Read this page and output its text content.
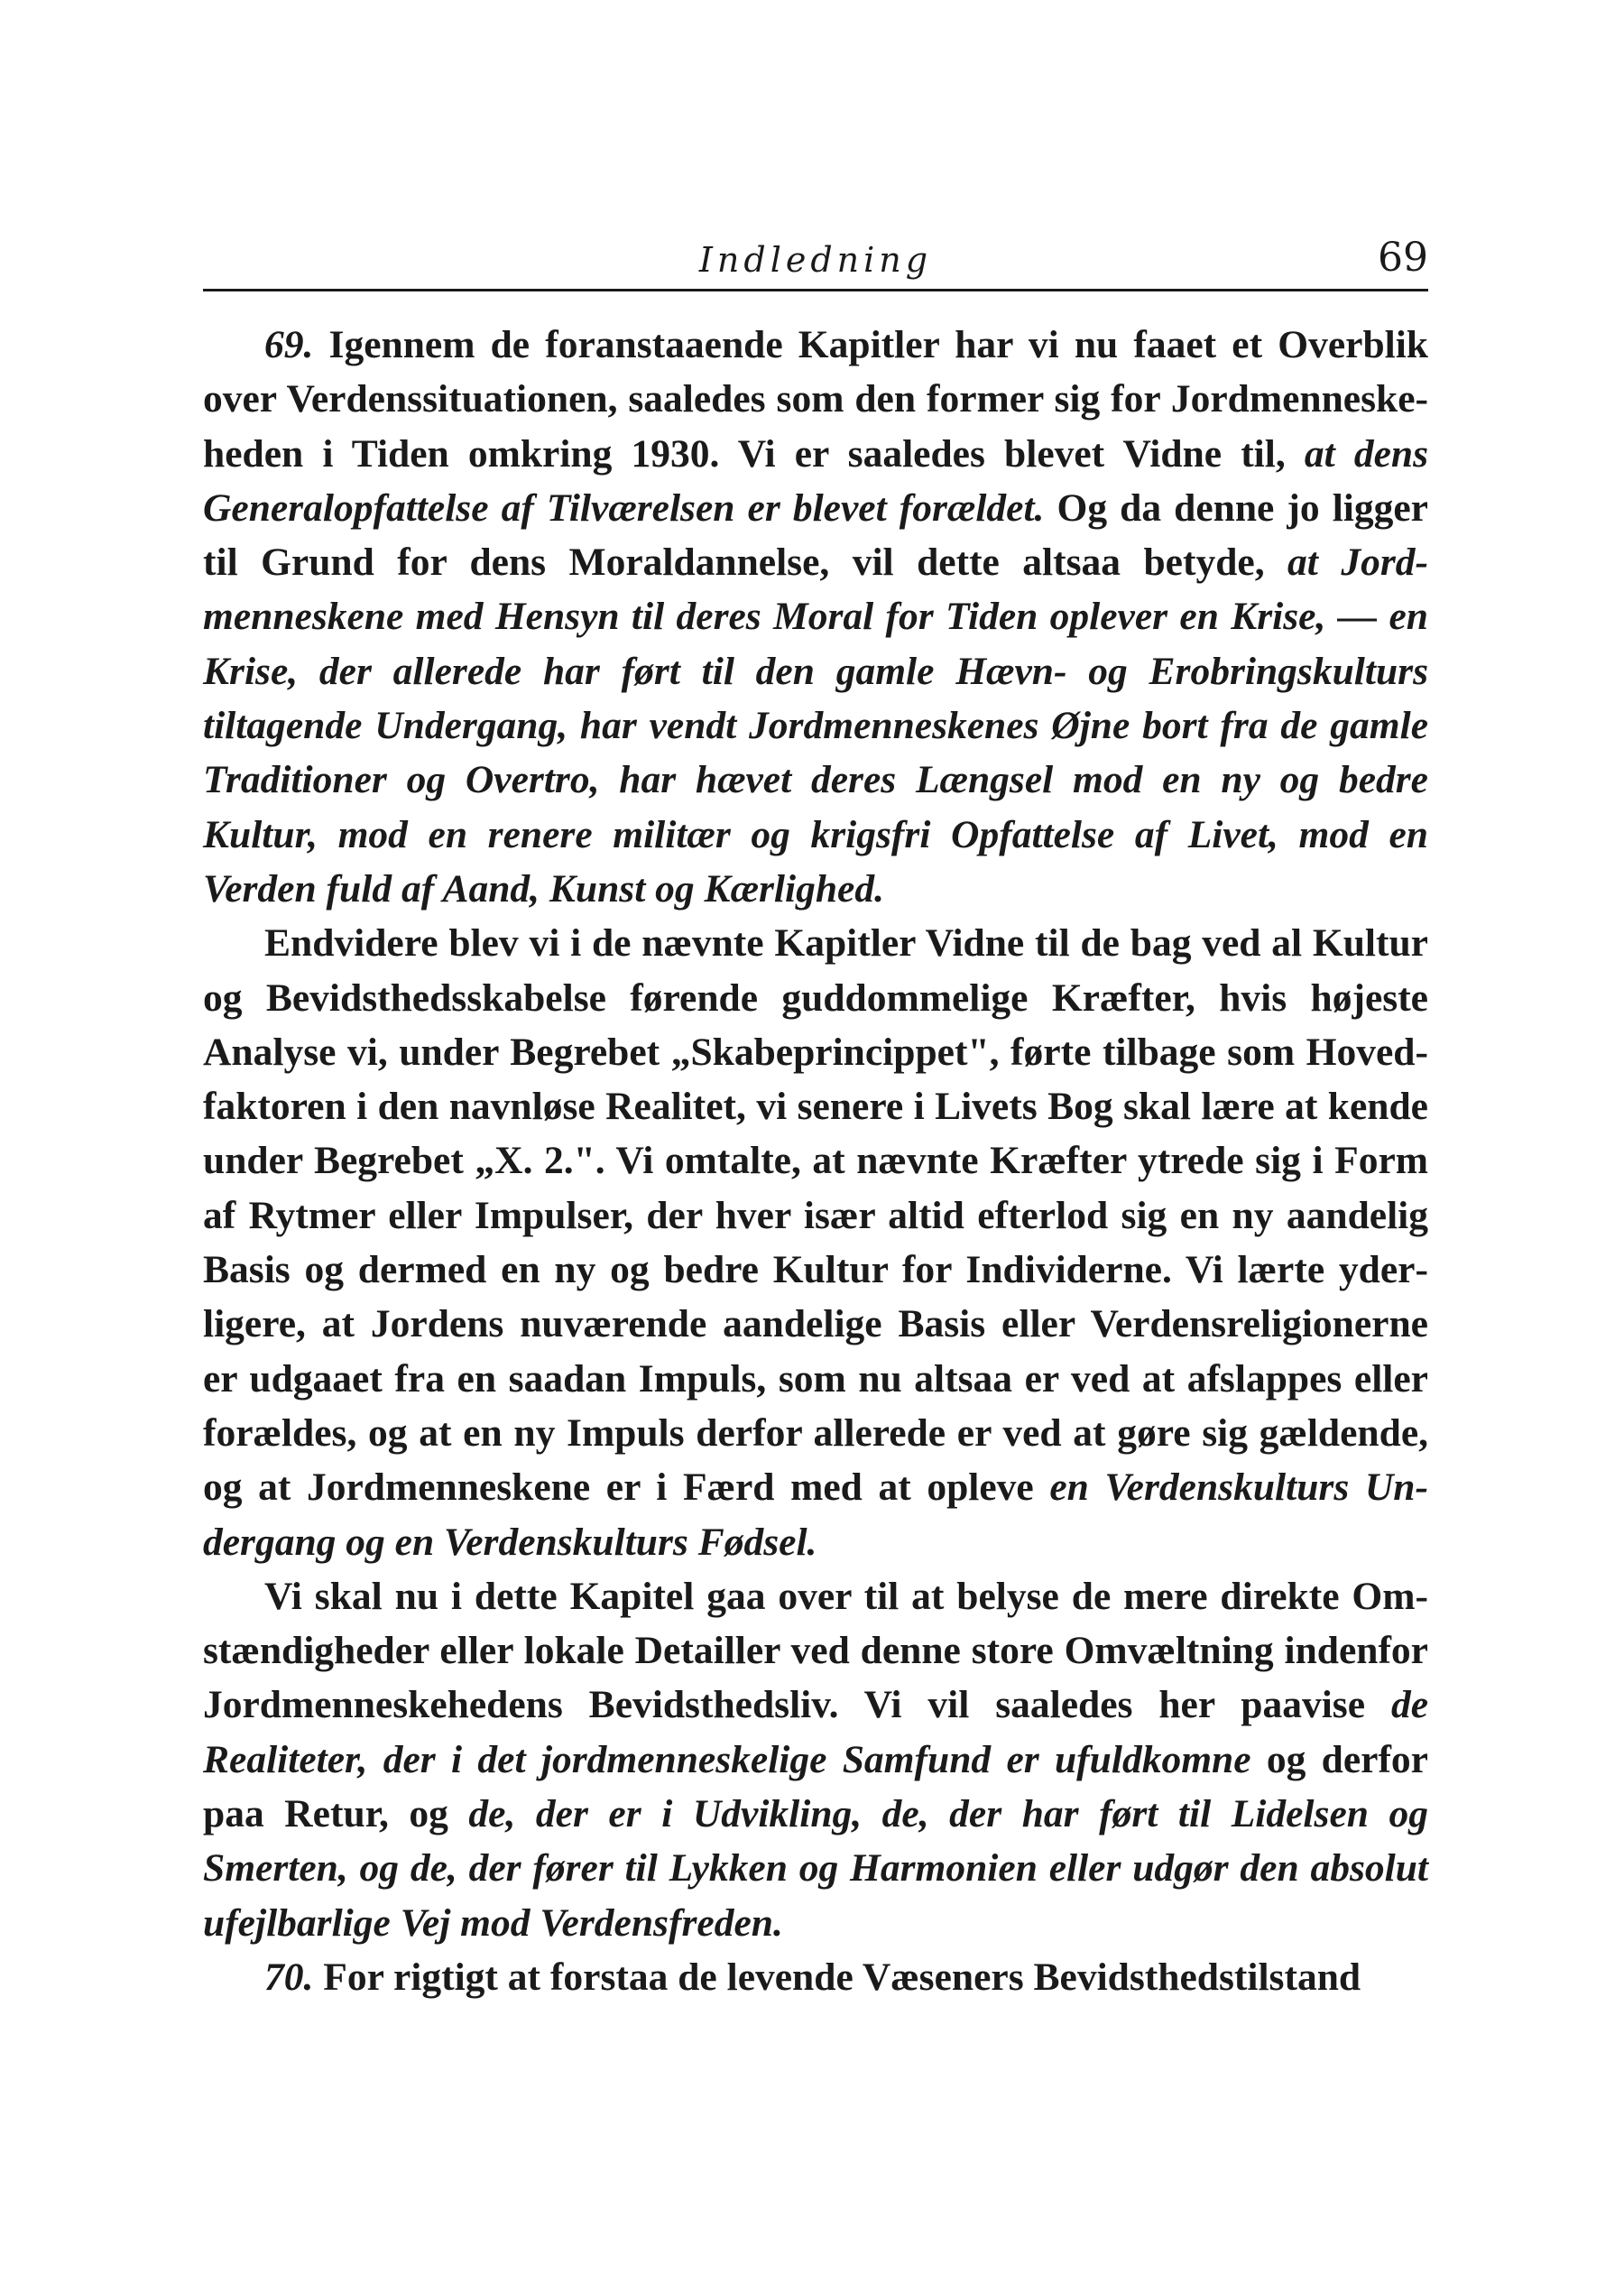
Indledning	69

69. Igennem de foranstaaende Kapitler har vi nu faaet et Overblik over Verdenssituationen, saaledes som den former sig for Jordmenneskeheden i Tiden omkring 1930. Vi er saaledes blevet Vidne til, at dens Generalopfattelse af Tilværelsen er blevet forældet. Og da denne jo ligger til Grund for dens Moraldannelse, vil dette altsaa betyde, at Jordmenneskene med Hensyn til deres Moral for Tiden oplever en Krise, — en Krise, der allerede har ført til den gamle Hævn- og Erobringskulturs tiltagende Undergang, har vendt Jordmenneskenes Øjne bort fra de gamle Traditioner og Overtro, har hævet deres Længsel mod en ny og bedre Kultur, mod en renere militær og krigsfri Opfattelse af Livet, mod en Verden fuld af Aand, Kunst og Kærlighed.

Endvidere blev vi i de nævnte Kapitler Vidne til de bag ved al Kultur og Bevidsthedsskabelse førende guddommelige Kræfter, hvis højeste Analyse vi, under Begrebet „Skabeprincippet", førte tilbage som Hovedfaktoren i den navnløse Realitet, vi senere i Livets Bog skal lære at kende under Begrebet „X. 2.". Vi omtalte, at nævnte Kræfter ytrede sig i Form af Rytmer eller Impulser, der hver især altid efterlod sig en ny aandelig Basis og dermed en ny og bedre Kultur for Individerne. Vi lærte yderligere, at Jordens nuværende aandelige Basis eller Verdensreligionerne er udgaaet fra en saadan Impuls, som nu altsaa er ved at afslappes eller forældes, og at en ny Impuls derfor allerede er ved at gøre sig gældende, og at Jordmenneskene er i Færd med at opleve en Verdenskulturs Undergang og en Verdenskulturs Fødsel.

Vi skal nu i dette Kapitel gaa over til at belyse de mere direkte Omstændigheder eller lokale Detailler ved denne store Omvæltning indenfor Jordmenneskehedens Bevidsthedsliv. Vi vil saaledes her paavise de Realiteter, der i det jordmenneskelige Samfund er ufuldkomne og derfor paa Retur, og de, der er i Udvikling, de, der har ført til Lidelsen og Smerten, og de, der fører til Lykken og Harmonien eller udgør den absolut ufejlbarlige Vej mod Verdensfreden.

70. For rigtigt at forstaa de levende Væseners Bevidsthedstilstand
